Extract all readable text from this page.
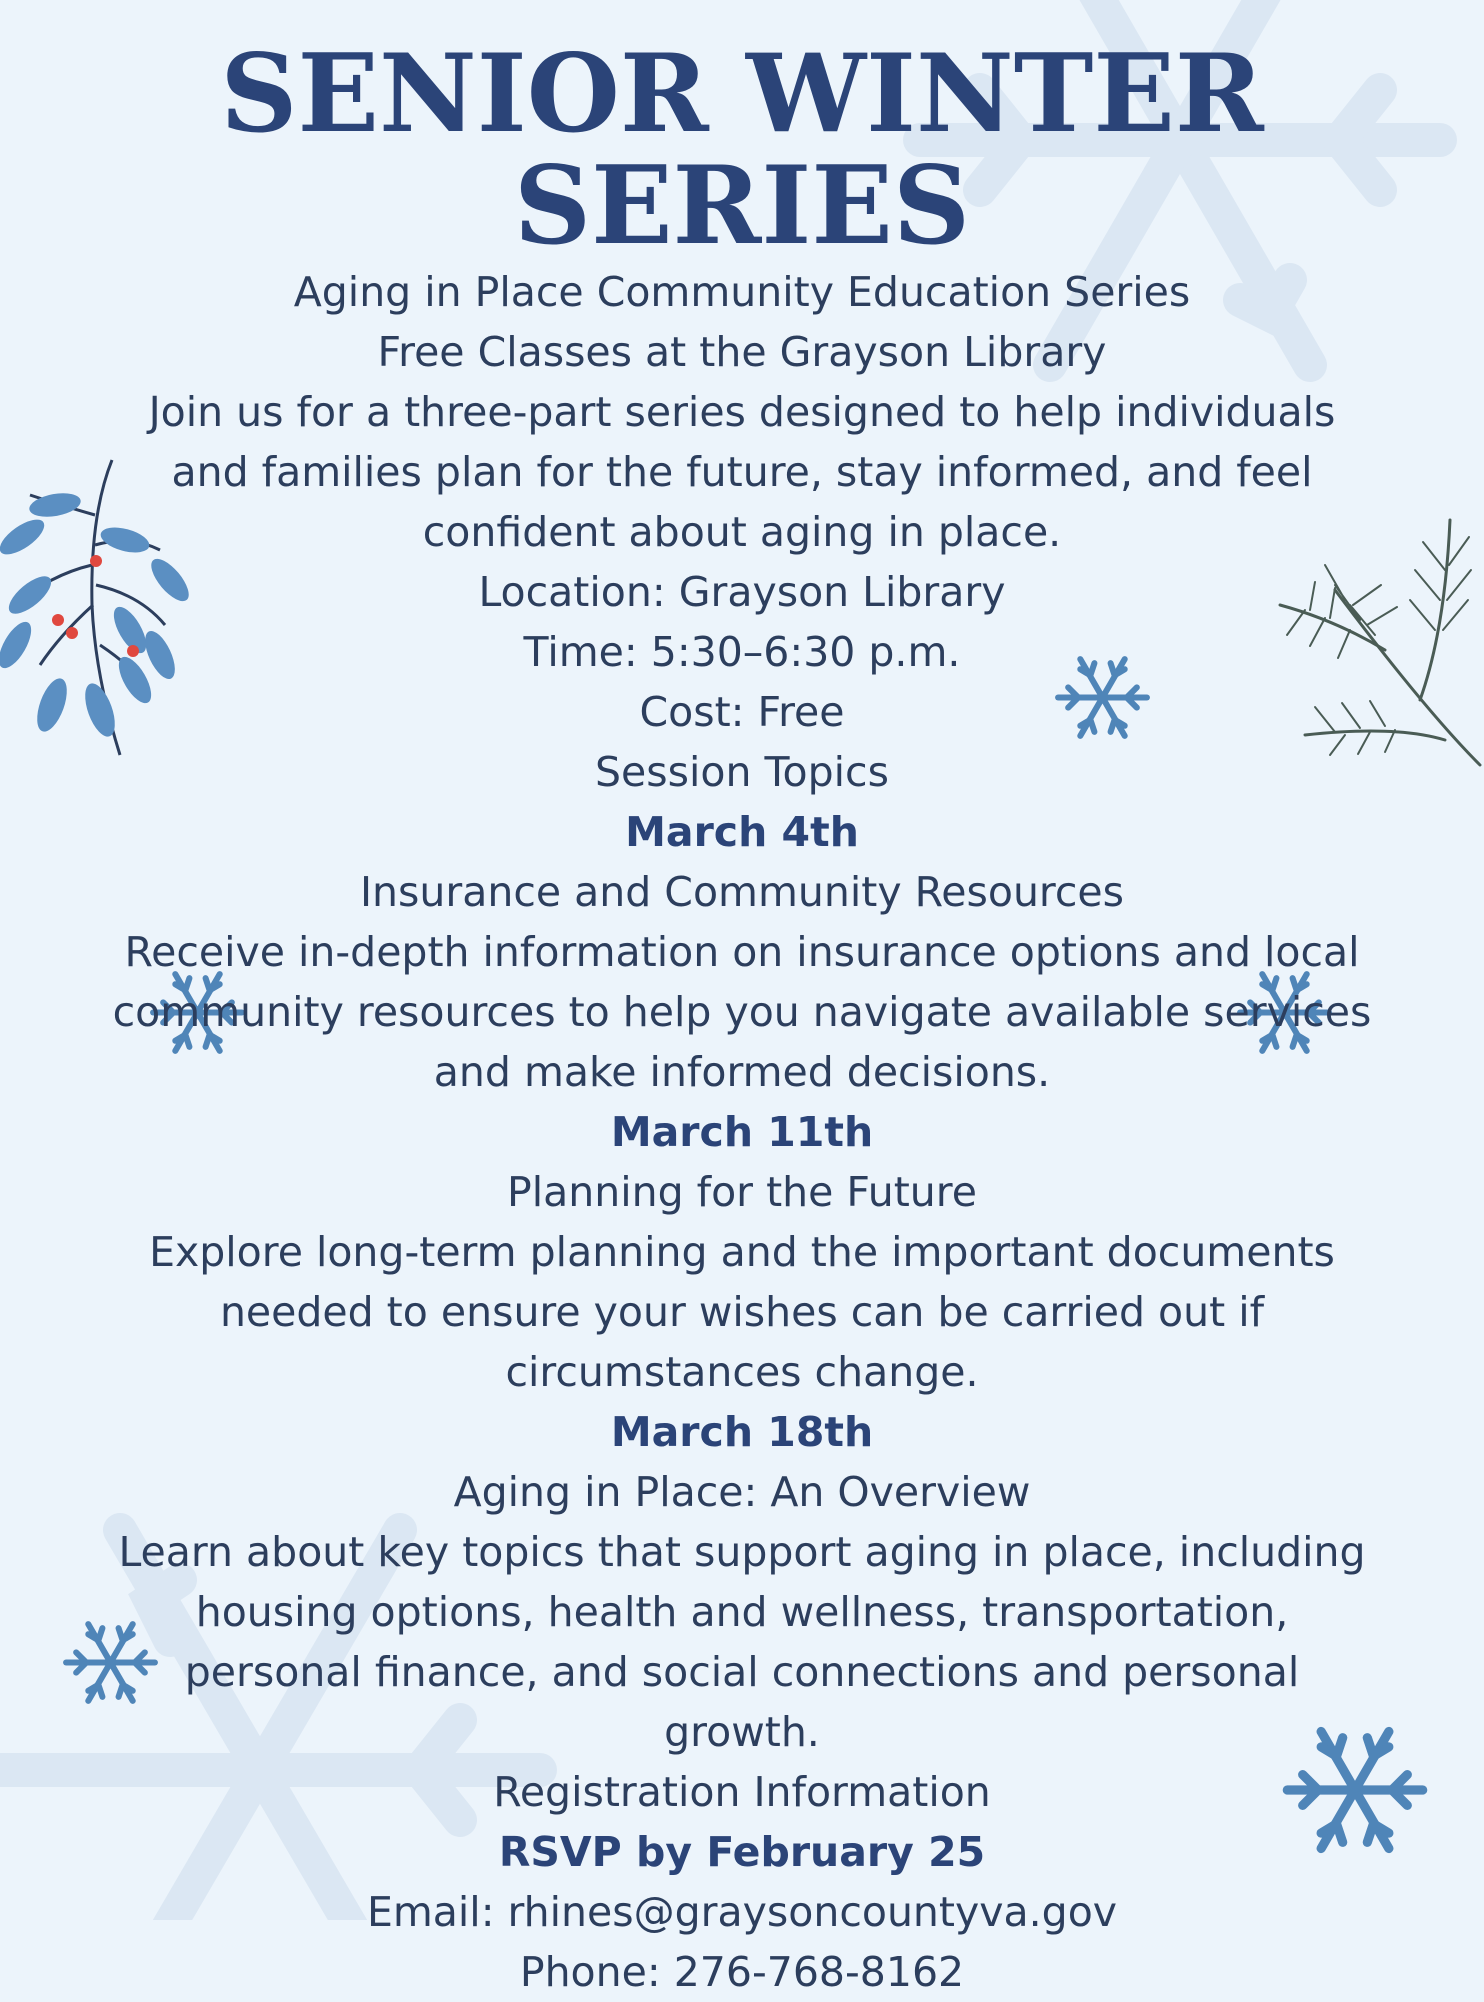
SENIOR WINTER SERIES

Aging in Place Community Education Series

Free Classes at the Grayson Library

Join us for a three-part series designed to help individuals

and families plan for the future, stay informed, and feel

confident about aging in place.

Location: Grayson Library

Time: 5:30–6:30 p.m.

Cost: Free

Session Topics

March 4th

Insurance and Community Resources

Receive in-depth information on insurance options and local

community resources to help you navigate available services

and make informed decisions.

March 11th

Planning for the Future

Explore long-term planning and the important documents

needed to ensure your wishes can be carried out if

circumstances change.

March 18th

Aging in Place: An Overview

Learn about key topics that support aging in place, including

housing options, health and wellness, transportation,

personal finance, and social connections and personal

growth.

Registration Information

RSVP by February 25

Email: rhines@graysoncountyva.gov

Phone: 276-768-8162
